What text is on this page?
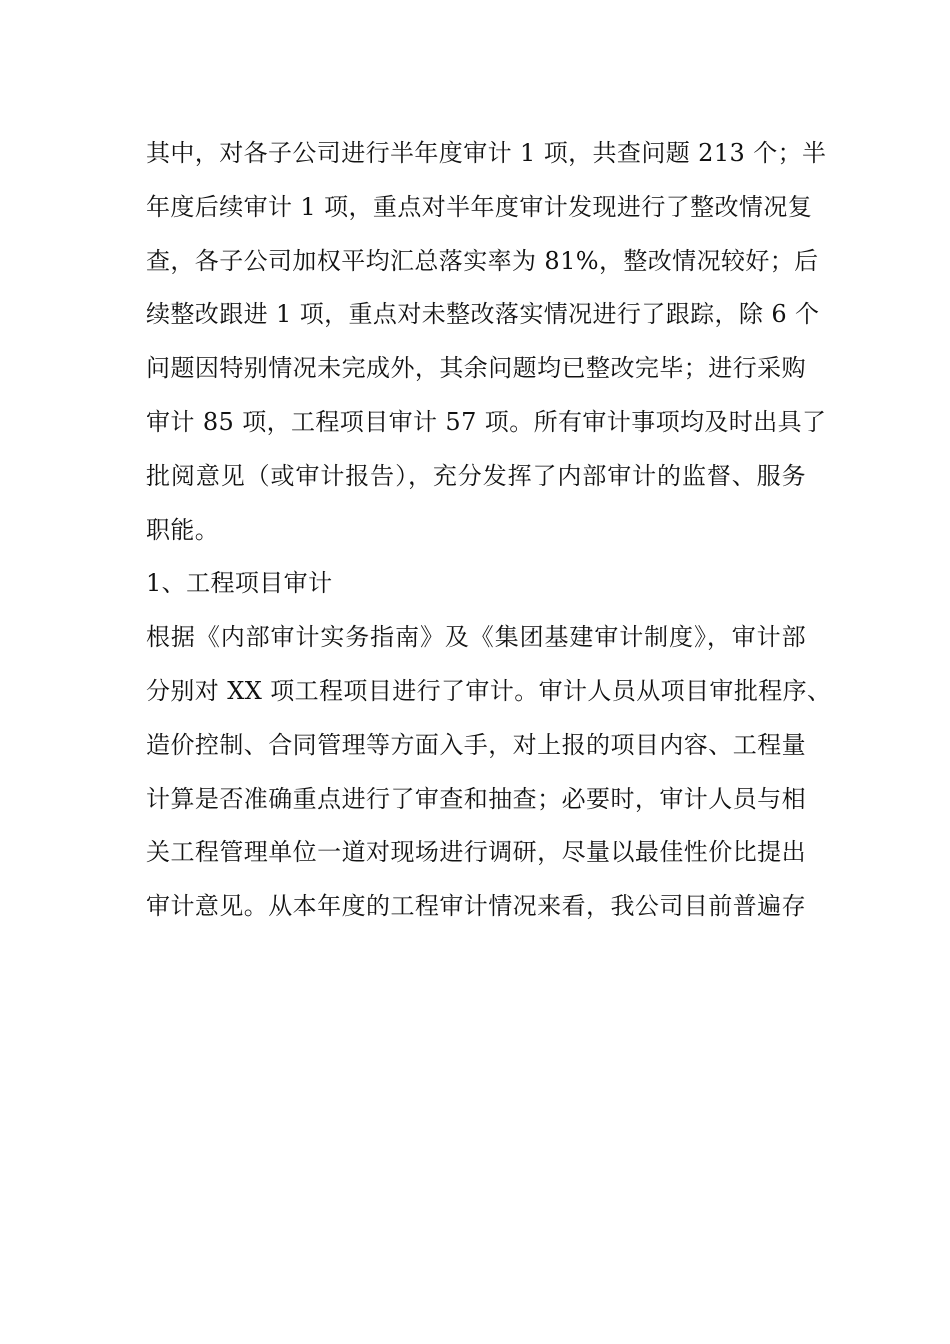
其中，对各子公司进行半年度审计 1 项，共查问题 213 个；半
年度后续审计 1 项，重点对半年度审计发现进行了整改情况复
查，各子公司加权平均汇总落实率为 81%，整改情况较好；后
续整改跟进 1 项，重点对未整改落实情况进行了跟踪，除 6 个
问题因特别情况未完成外，其余问题均已整改完毕；进行采购
审计 85 项，工程项目审计 57 项。所有审计事项均及时出具了
批阅意见（或审计报告），充分发挥了内部审计的监督、服务
职能。
1、工程项目审计
根据《内部审计实务指南》及《集团基建审计制度》，审计部
分别对 XX 项工程项目进行了审计。审计人员从项目审批程序、
造价控制、合同管理等方面入手，对上报的项目内容、工程量
计算是否准确重点进行了审查和抽查；必要时，审计人员与相
关工程管理单位一道对现场进行调研，尽量以最佳性价比提出
审计意见。从本年度的工程审计情况来看，我公司目前普遍存
